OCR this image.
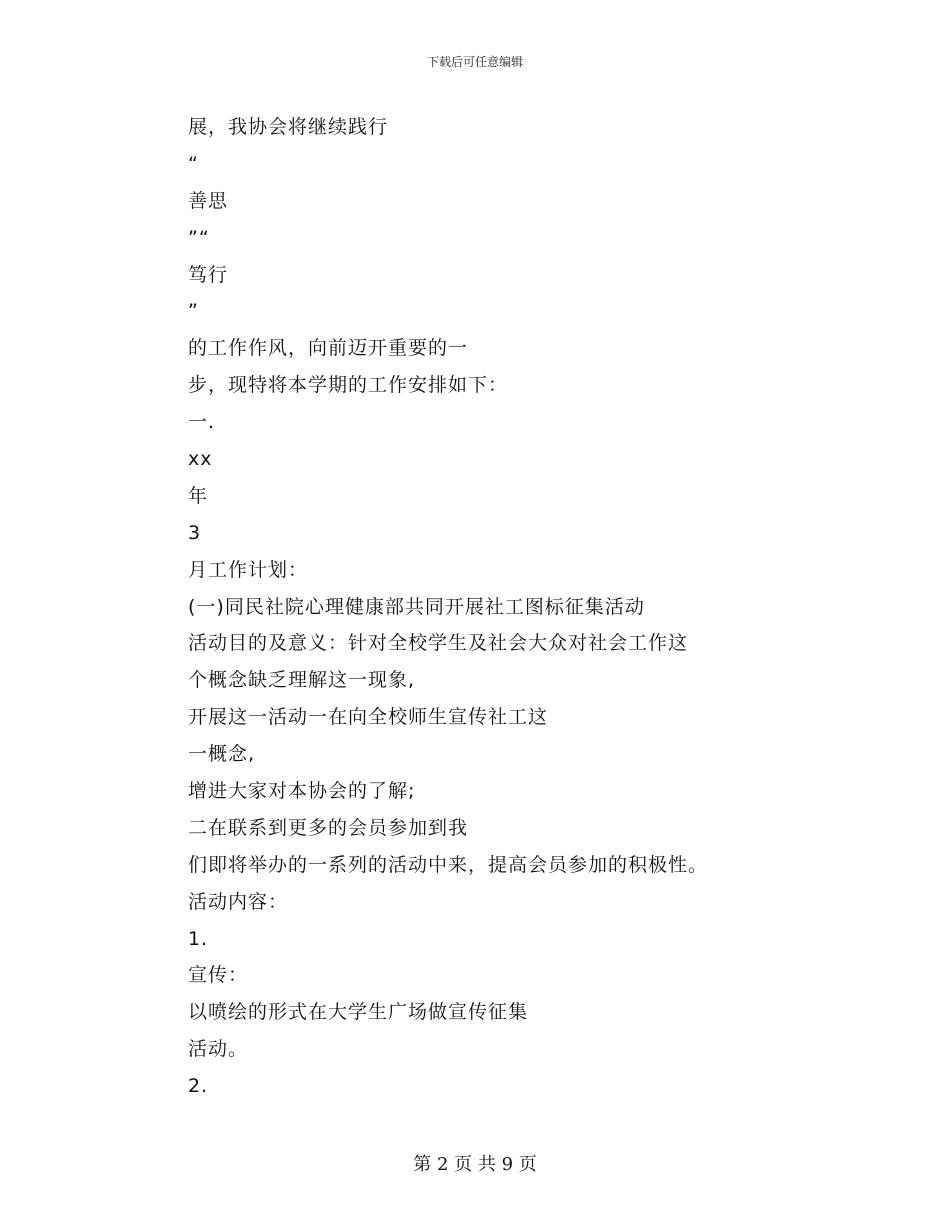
下载后可任意编辑
展，我协会将继续践行
“
善思
”“
笃行
”
的工作作风，向前迈开重要的一
步，现特将本学期的工作安排如下：
一.
xx
年
3
月工作计划：
(一)同民社院心理健康部共同开展社工图标征集活动
活动目的及意义：针对全校学生及社会大众对社会工作这
个概念缺乏理解这一现象,
开展这一活动一在向全校师生宣传社工这
一概念,
增进大家对本协会的了解;
二在联系到更多的会员参加到我
们即将举办的一系列的活动中来，提高会员参加的积极性。
活动内容：
1.
宣传：
以喷绘的形式在大学生广场做宣传征集
活动。
2.
第 2 页 共 9 页
